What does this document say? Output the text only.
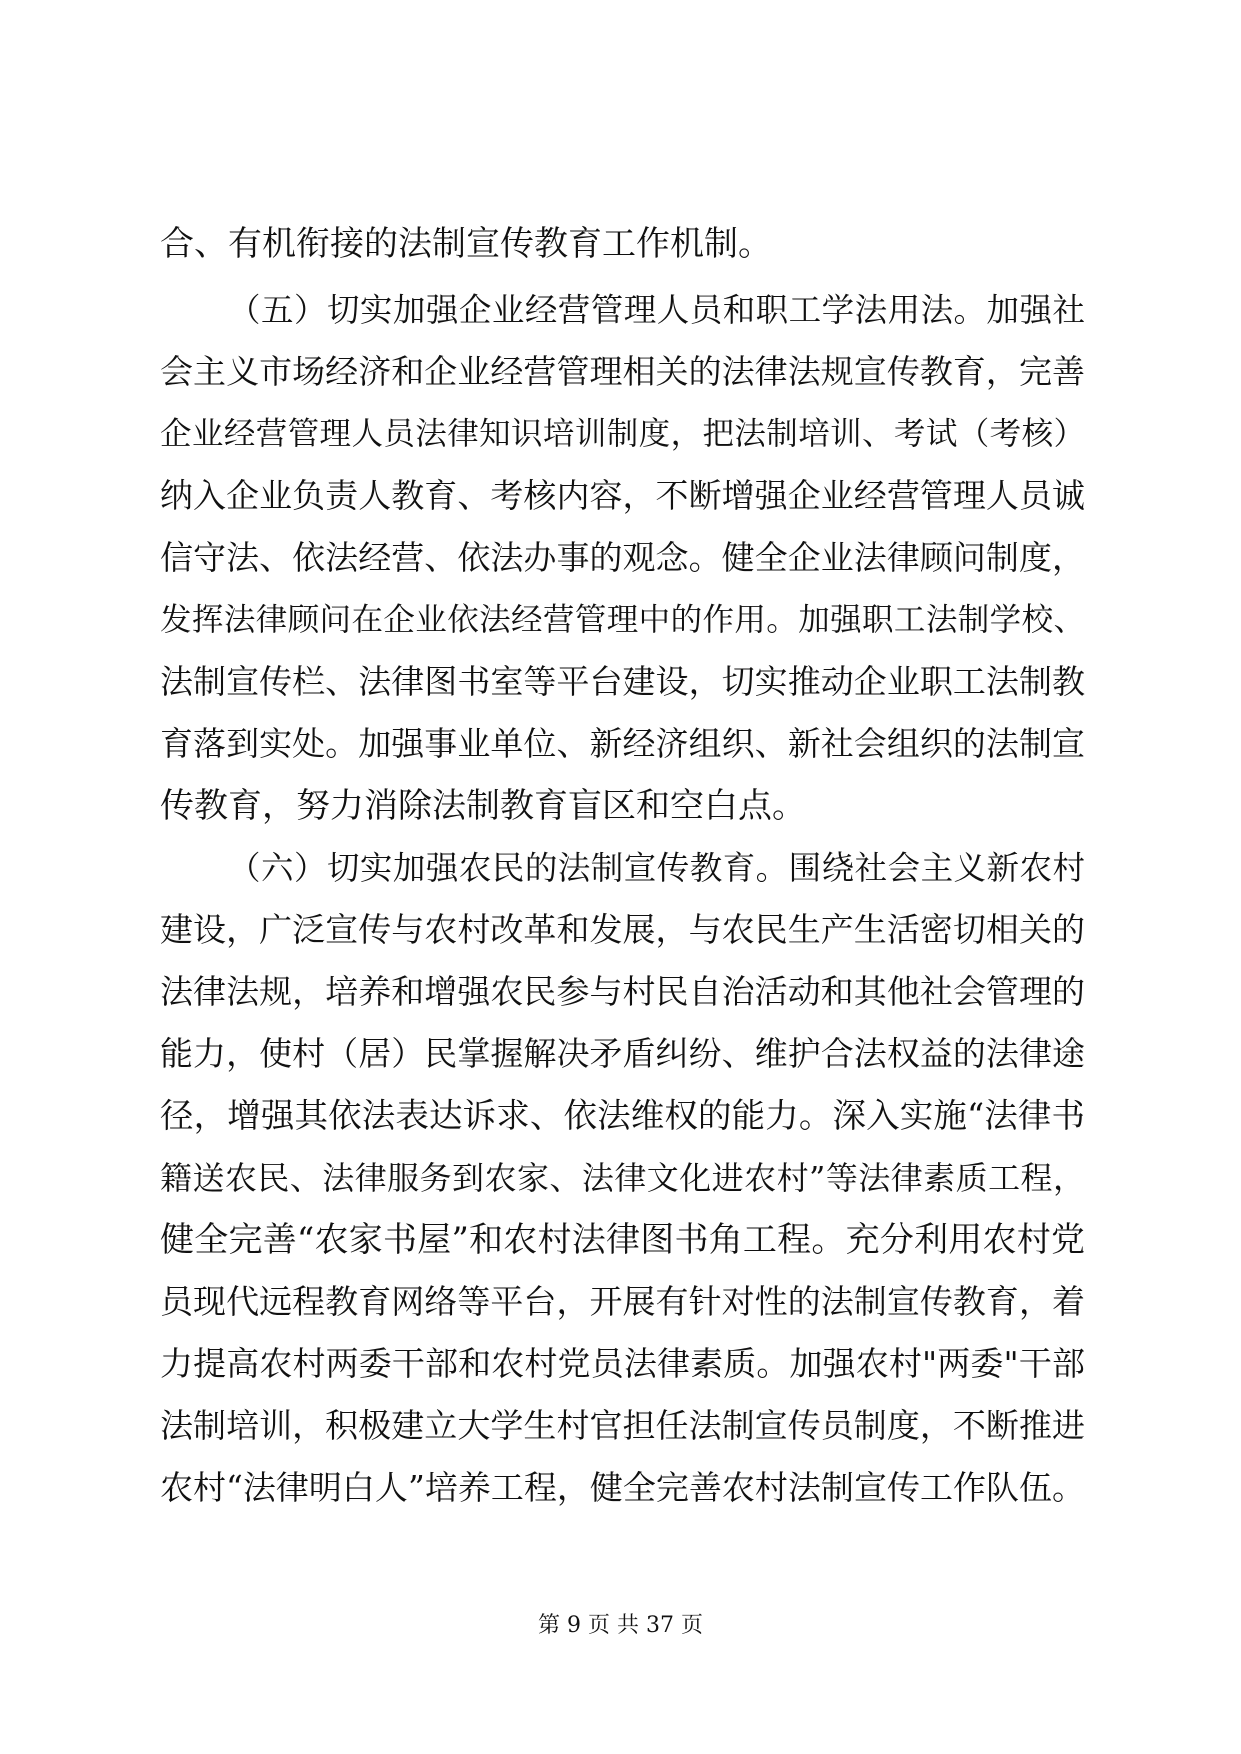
合、有机衔接的法制宣传教育工作机制。
（五）切实加强企业经营管理人员和职工学法用法。加强社
会主义市场经济和企业经营管理相关的法律法规宣传教育，完善
企业经营管理人员法律知识培训制度，把法制培训、考试（考核）
纳入企业负责人教育、考核内容，不断增强企业经营管理人员诚
信守法、依法经营、依法办事的观念。健全企业法律顾问制度，
发挥法律顾问在企业依法经营管理中的作用。加强职工法制学校、
法制宣传栏、法律图书室等平台建设，切实推动企业职工法制教
育落到实处。加强事业单位、新经济组织、新社会组织的法制宣
传教育，努力消除法制教育盲区和空白点。
（六）切实加强农民的法制宣传教育。围绕社会主义新农村
建设，广泛宣传与农村改革和发展，与农民生产生活密切相关的
法律法规，培养和增强农民参与村民自治活动和其他社会管理的
能力，使村（居）民掌握解决矛盾纠纷、维护合法权益的法律途
径，增强其依法表达诉求、依法维权的能力。深入实施“法律书
籍送农民、法律服务到农家、法律文化进农村”等法律素质工程，
健全完善“农家书屋”和农村法律图书角工程。充分利用农村党
员现代远程教育网络等平台，开展有针对性的法制宣传教育，着
力提高农村两委干部和农村党员法律素质。加强农村"两委"干部
法制培训，积极建立大学生村官担任法制宣传员制度，不断推进
农村“法律明白人”培养工程，健全完善农村法制宣传工作队伍。
第 9 页 共 37 页
